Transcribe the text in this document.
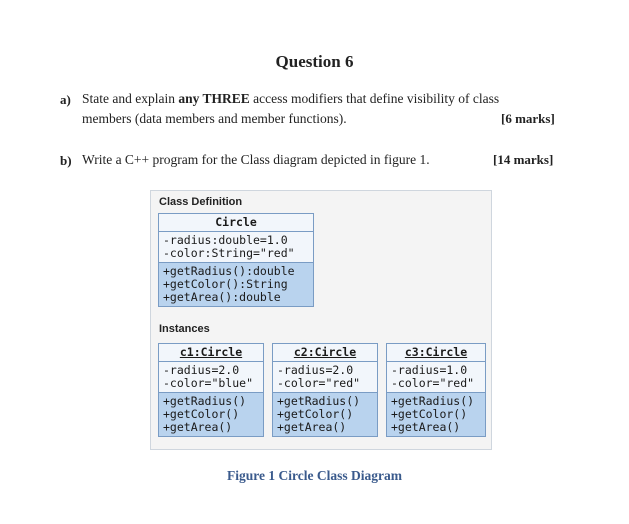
Question 6
a) State and explain any THREE access modifiers that define visibility of class
members (data members and member functions).	[6 marks]
b) Write a C++ program for the Class diagram depicted in figure 1.	[14 marks]
Class Definition
Circle
-radius:double=1.0
-color:String="red"
+getRadius():double
+getColor():String
+getArea():double
Instances
c1:Circle
-radius=2.0
-color="blue"
+getRadius()
+getColor()
+getArea()
c2:Circle
-radius=2.0
-color="red"
+getRadius()
+getColor()
+getArea()
c3:Circle
-radius=1.0
-color="red"
+getRadius()
+getColor()
+getArea()
Figure 1 Circle Class Diagram
